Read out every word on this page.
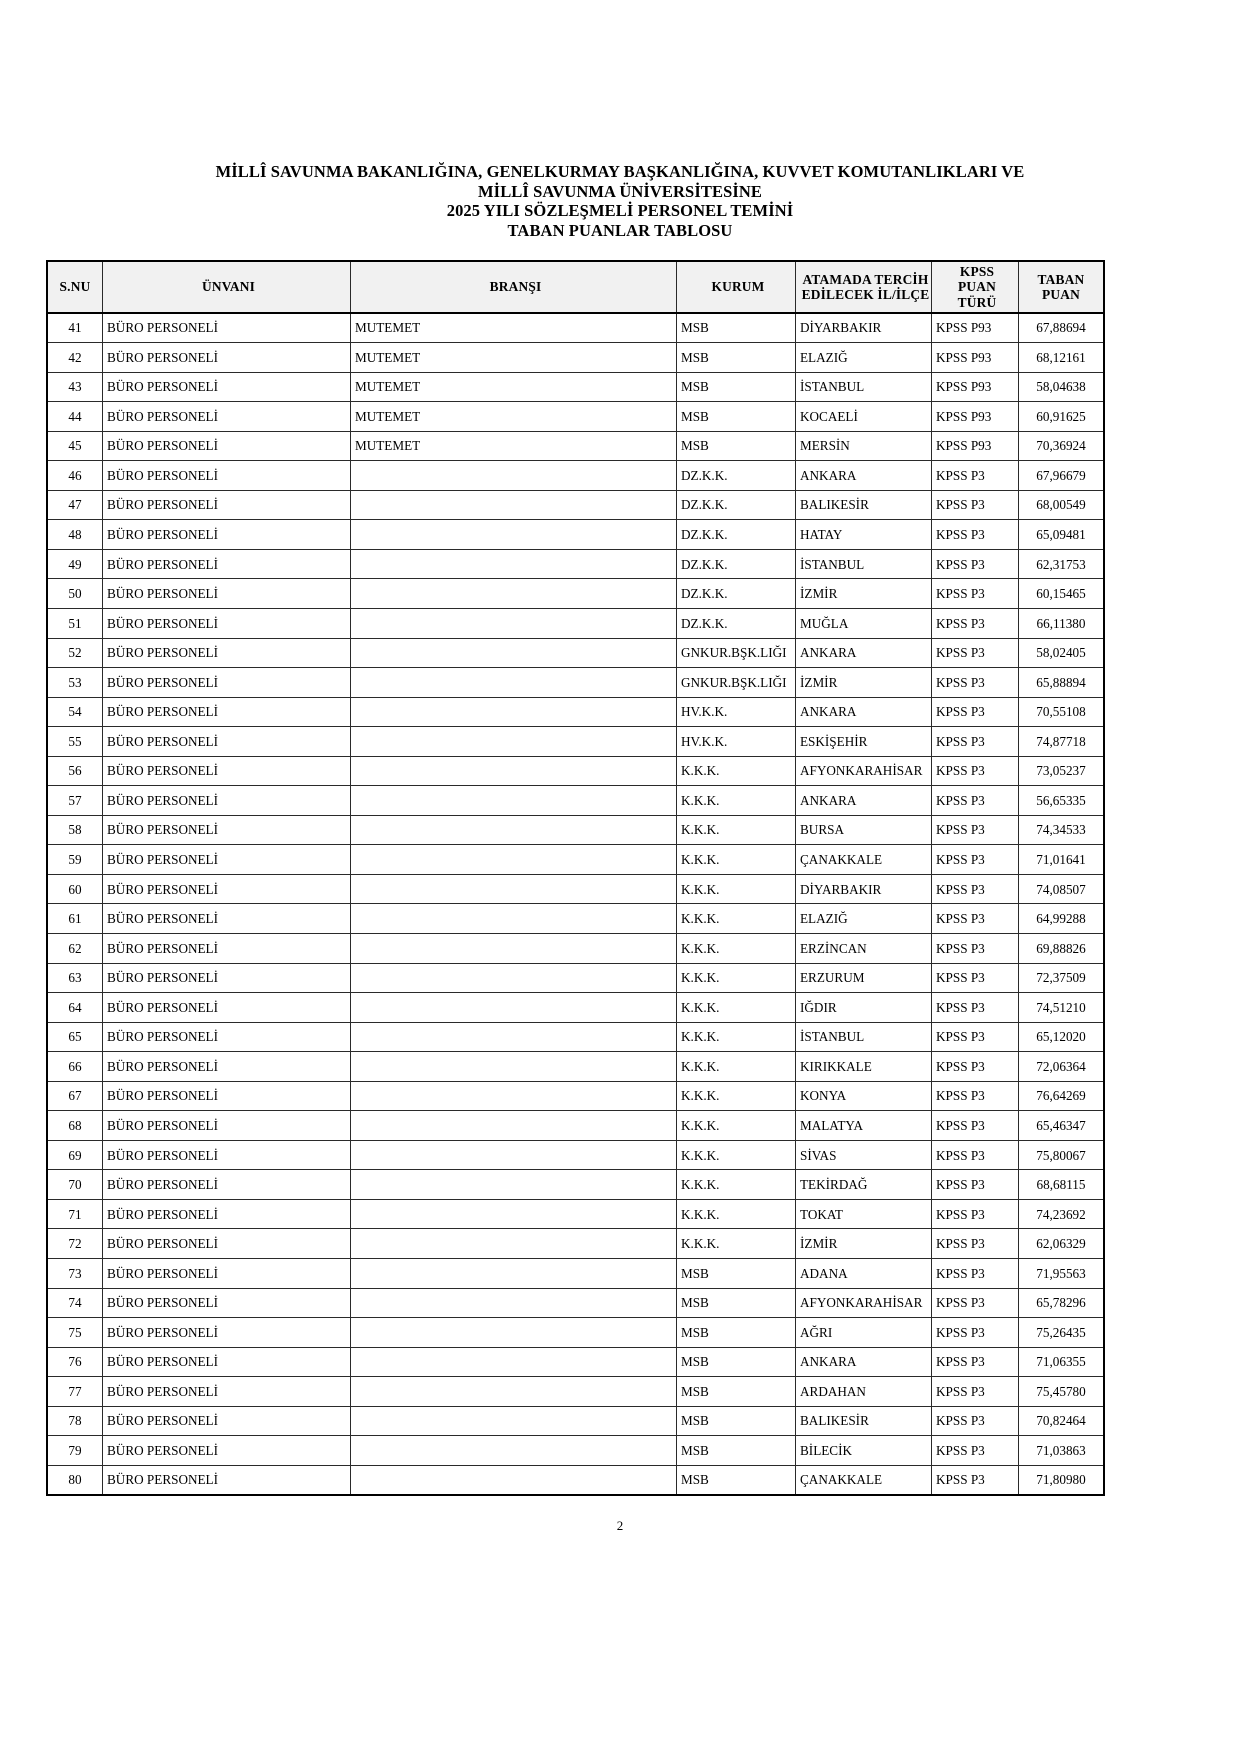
MİLLÎ SAVUNMA BAKANLIĞINA, GENELKURMAY BAŞKANLIĞINA, KUVVET KOMUTANLIKLARI VE
MİLLÎ SAVUNMA ÜNİVERSİTESİNE
2025 YILI SÖZLEŞMELİ PERSONEL TEMİNİ
TABAN PUANLAR TABLOSU
S.NU	ÜNVANI	BRANŞI	KURUM	ATAMADA TERCİH
EDİLECEK İL/İLÇE	KPSS
PUAN
TÜRÜ	TABAN
PUAN

41	BÜRO PERSONELİ	MUTEMET	MSB	DİYARBAKIR	KPSS P93	67,88694
42	BÜRO PERSONELİ	MUTEMET	MSB	ELAZIĞ	KPSS P93	68,12161
43	BÜRO PERSONELİ	MUTEMET	MSB	İSTANBUL	KPSS P93	58,04638
44	BÜRO PERSONELİ	MUTEMET	MSB	KOCAELİ	KPSS P93	60,91625
45	BÜRO PERSONELİ	MUTEMET	MSB	MERSİN	KPSS P93	70,36924
46	BÜRO PERSONELİ		DZ.K.K.	ANKARA	KPSS P3	67,96679
47	BÜRO PERSONELİ		DZ.K.K.	BALIKESİR	KPSS P3	68,00549
48	BÜRO PERSONELİ		DZ.K.K.	HATAY	KPSS P3	65,09481
49	BÜRO PERSONELİ		DZ.K.K.	İSTANBUL	KPSS P3	62,31753
50	BÜRO PERSONELİ		DZ.K.K.	İZMİR	KPSS P3	60,15465
51	BÜRO PERSONELİ		DZ.K.K.	MUĞLA	KPSS P3	66,11380
52	BÜRO PERSONELİ		GNKUR.BŞK.LIĞI	ANKARA	KPSS P3	58,02405
53	BÜRO PERSONELİ		GNKUR.BŞK.LIĞI	İZMİR	KPSS P3	65,88894
54	BÜRO PERSONELİ		HV.K.K.	ANKARA	KPSS P3	70,55108
55	BÜRO PERSONELİ		HV.K.K.	ESKİŞEHİR	KPSS P3	74,87718
56	BÜRO PERSONELİ		K.K.K.	AFYONKARAHİSAR	KPSS P3	73,05237
57	BÜRO PERSONELİ		K.K.K.	ANKARA	KPSS P3	56,65335
58	BÜRO PERSONELİ		K.K.K.	BURSA	KPSS P3	74,34533
59	BÜRO PERSONELİ		K.K.K.	ÇANAKKALE	KPSS P3	71,01641
60	BÜRO PERSONELİ		K.K.K.	DİYARBAKIR	KPSS P3	74,08507
61	BÜRO PERSONELİ		K.K.K.	ELAZIĞ	KPSS P3	64,99288
62	BÜRO PERSONELİ		K.K.K.	ERZİNCAN	KPSS P3	69,88826
63	BÜRO PERSONELİ		K.K.K.	ERZURUM	KPSS P3	72,37509
64	BÜRO PERSONELİ		K.K.K.	IĞDIR	KPSS P3	74,51210
65	BÜRO PERSONELİ		K.K.K.	İSTANBUL	KPSS P3	65,12020
66	BÜRO PERSONELİ		K.K.K.	KIRIKKALE	KPSS P3	72,06364
67	BÜRO PERSONELİ		K.K.K.	KONYA	KPSS P3	76,64269
68	BÜRO PERSONELİ		K.K.K.	MALATYA	KPSS P3	65,46347
69	BÜRO PERSONELİ		K.K.K.	SİVAS	KPSS P3	75,80067
70	BÜRO PERSONELİ		K.K.K.	TEKİRDAĞ	KPSS P3	68,68115
71	BÜRO PERSONELİ		K.K.K.	TOKAT	KPSS P3	74,23692
72	BÜRO PERSONELİ		K.K.K.	İZMİR	KPSS P3	62,06329
73	BÜRO PERSONELİ		MSB	ADANA	KPSS P3	71,95563
74	BÜRO PERSONELİ		MSB	AFYONKARAHİSAR	KPSS P3	65,78296
75	BÜRO PERSONELİ		MSB	AĞRI	KPSS P3	75,26435
76	BÜRO PERSONELİ		MSB	ANKARA	KPSS P3	71,06355
77	BÜRO PERSONELİ		MSB	ARDAHAN	KPSS P3	75,45780
78	BÜRO PERSONELİ		MSB	BALIKESİR	KPSS P3	70,82464
79	BÜRO PERSONELİ		MSB	BİLECİK	KPSS P3	71,03863
80	BÜRO PERSONELİ		MSB	ÇANAKKALE	KPSS P3	71,80980
2
